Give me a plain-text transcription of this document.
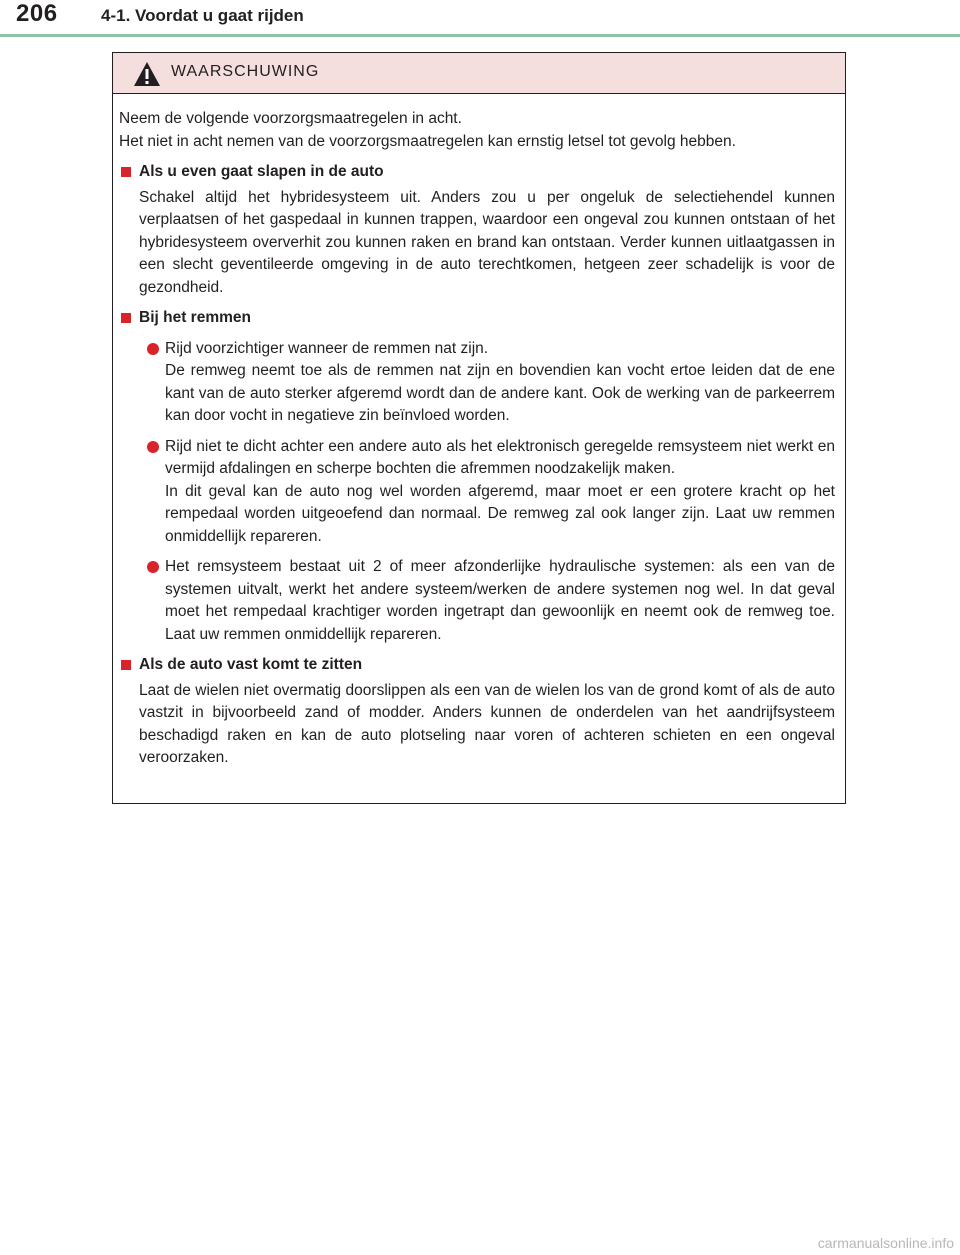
206	4-1. Voordat u gaat rijden
WAARSCHUWING

Neem de volgende voorzorgsmaatregelen in acht.

Het niet in acht nemen van de voorzorgsmaatregelen kan ernstig letsel tot gevolg hebben.

Als u even gaat slapen in de auto
Schakel altijd het hybridesysteem uit. Anders zou u per ongeluk de selectiehendel kunnen verplaatsen of het gaspedaal in kunnen trappen, waardoor een ongeval zou kunnen ontstaan of het hybridesysteem oververhit zou kunnen raken en brand kan ontstaan. Verder kunnen uitlaatgassen in een slecht geventileerde omgeving in de auto terechtkomen, hetgeen zeer schadelijk is voor de gezondheid.
Bij het remmen
Rijd voorzichtiger wanneer de remmen nat zijn.
De remweg neemt toe als de remmen nat zijn en bovendien kan vocht ertoe leiden dat de ene kant van de auto sterker afgeremd wordt dan de andere kant. Ook de werking van de parkeerrem kan door vocht in negatieve zin beïnvloed worden.
Rijd niet te dicht achter een andere auto als het elektronisch geregelde remsysteem niet werkt en vermijd afdalingen en scherpe bochten die afremmen noodzakelijk maken.
In dit geval kan de auto nog wel worden afgeremd, maar moet er een grotere kracht op het rempedaal worden uitgeoefend dan normaal. De remweg zal ook langer zijn. Laat uw remmen onmiddellijk repareren.
Het remsysteem bestaat uit 2 of meer afzonderlijke hydraulische systemen: als een van de systemen uitvalt, werkt het andere systeem/werken de andere systemen nog wel. In dat geval moet het rempedaal krachtiger worden ingetrapt dan gewoonlijk en neemt ook de remweg toe. Laat uw remmen onmiddellijk repareren.
Als de auto vast komt te zitten
Laat de wielen niet overmatig doorslippen als een van de wielen los van de grond komt of als de auto vastzit in bijvoorbeeld zand of modder. Anders kunnen de onderdelen van het aandrijfsysteem beschadigd raken en kan de auto plotseling naar voren of achteren schieten en een ongeval veroorzaken.
carmanualsonline.info
